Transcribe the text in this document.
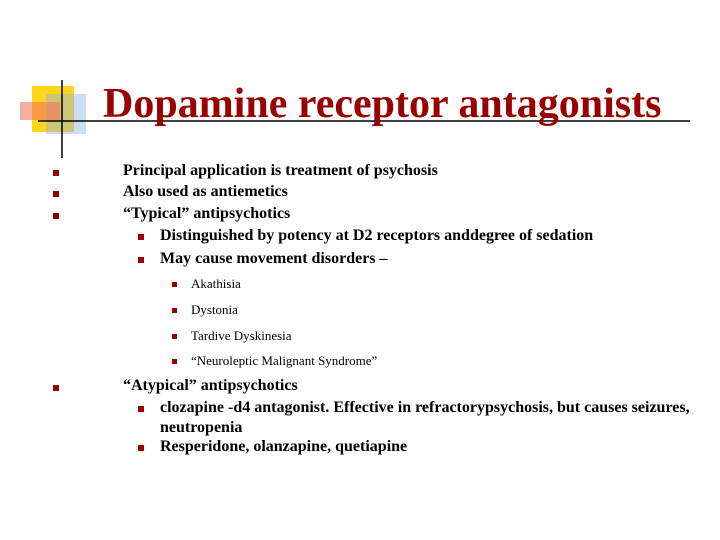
Dopamine receptor antagonists
Principal application is treatment of psychosis
Also used as antiemetics
“Typical” antipsychotics
Distinguished by potency at D2 receptors anddegree of sedation
May cause movement disorders –
Akathisia
Dystonia
Tardive Dyskinesia
“Neuroleptic Malignant Syndrome”
“Atypical” antipsychotics
clozapine -d4 antagonist. Effective in refractorypsychosis, but causes seizures, neutropenia
Resperidone, olanzapine, quetiapine
